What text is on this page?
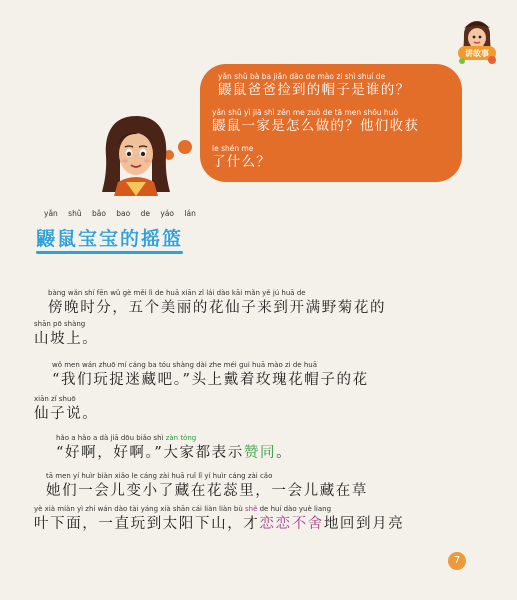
讲故事
yǎn shǔ bà ba jiǎn dào de mào zi shì shuí de
鼹鼠爸爸捡到的帽子是谁的？
yǎn shǔ yì jiā shì zěn me zuò de tā men shōu huò
鼹鼠一家是怎么做的？他们收获
le shén me
了什么？
yǎn shǔ bǎo bao de yáo lán
鼹鼠宝宝的摇篮
bàng wǎn shí fēn wǔ gè měi lì de huā xiān zǐ lái dào kāi mǎn yě jú huā de
傍晚时分，五个美丽的花仙子来到开满野菊花的
shān pō shàng
山坡上。
wǒ men wán zhuō mí cáng ba tóu shàng dài zhe méi gui huā mào zi de huā
“我们玩捉迷藏吧。”头上戴着玫瑰花帽子的花
xiān zǐ shuō
仙子说。
hǎo a hǎo a dà jiā dōu biǎo shì zàn tóng
“好啊，好啊。”大家都表示赞同。
tā men yí huìr biàn xiǎo le cáng zài huā ruǐ lǐ yí huìr cáng zài cǎo
她们一会儿变小了藏在花蕊里，一会儿藏在草
yè xià miàn yì zhí wán dào tài yáng xià shān cái liàn liàn bù shě de huí dào yuè liang
叶下面，一直玩到太阳下山，才恋恋不舍地回到月亮
7
